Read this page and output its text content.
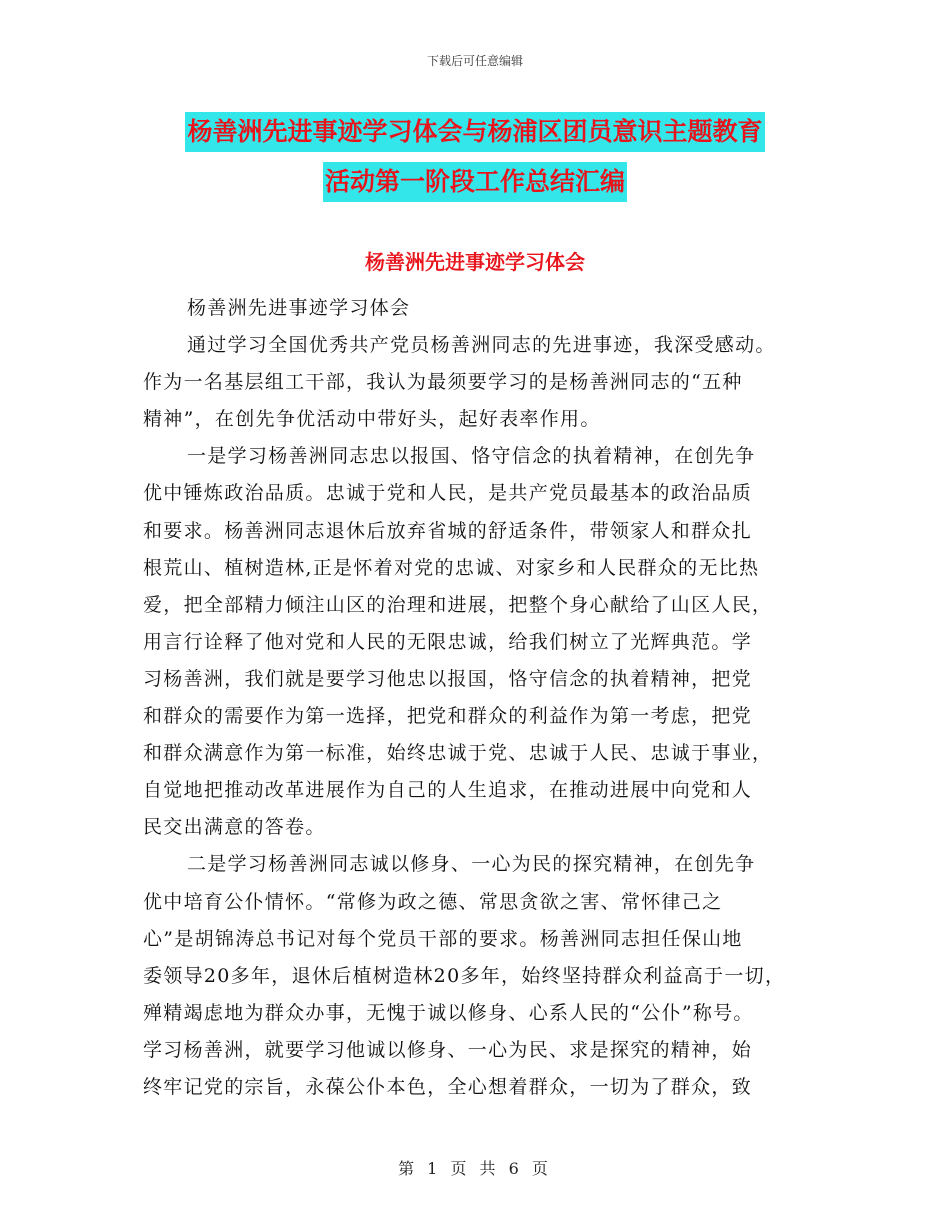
下载后可任意编辑
杨善洲先进事迹学习体会与杨浦区团员意识主题教育
活动第一阶段工作总结汇编
杨善洲先进事迹学习体会
杨善洲先进事迹学习体会
通过学习全国优秀共产党员杨善洲同志的先进事迹，我深受感动。
作为一名基层组工干部，我认为最须要学习的是杨善洲同志的“五种
精神”，在创先争优活动中带好头，起好表率作用。
一是学习杨善洲同志忠以报国、恪守信念的执着精神，在创先争
优中锤炼政治品质。忠诚于党和人民，是共产党员最基本的政治品质
和要求。杨善洲同志退休后放弃省城的舒适条件，带领家人和群众扎
根荒山、植树造林,正是怀着对党的忠诚、对家乡和人民群众的无比热
爱，把全部精力倾注山区的治理和进展，把整个身心献给了山区人民，
用言行诠释了他对党和人民的无限忠诚，给我们树立了光辉典范。学
习杨善洲，我们就是要学习他忠以报国，恪守信念的执着精神，把党
和群众的需要作为第一选择，把党和群众的利益作为第一考虑，把党
和群众满意作为第一标准，始终忠诚于党、忠诚于人民、忠诚于事业，
自觉地把推动改革进展作为自己的人生追求，在推动进展中向党和人
民交出满意的答卷。
二是学习杨善洲同志诚以修身、一心为民的探究精神，在创先争
优中培育公仆情怀。“常修为政之德、常思贪欲之害、常怀律己之
心”是胡锦涛总书记对每个党员干部的要求。杨善洲同志担任保山地
委领导20多年，退休后植树造林20多年，始终坚持群众利益高于一切，
殚精竭虑地为群众办事，无愧于诚以修身、心系人民的“公仆”称号。
学习杨善洲，就要学习他诚以修身、一心为民、求是探究的精神，始
终牢记党的宗旨，永葆公仆本色，全心想着群众，一切为了群众，致
第 1 页 共 6 页
